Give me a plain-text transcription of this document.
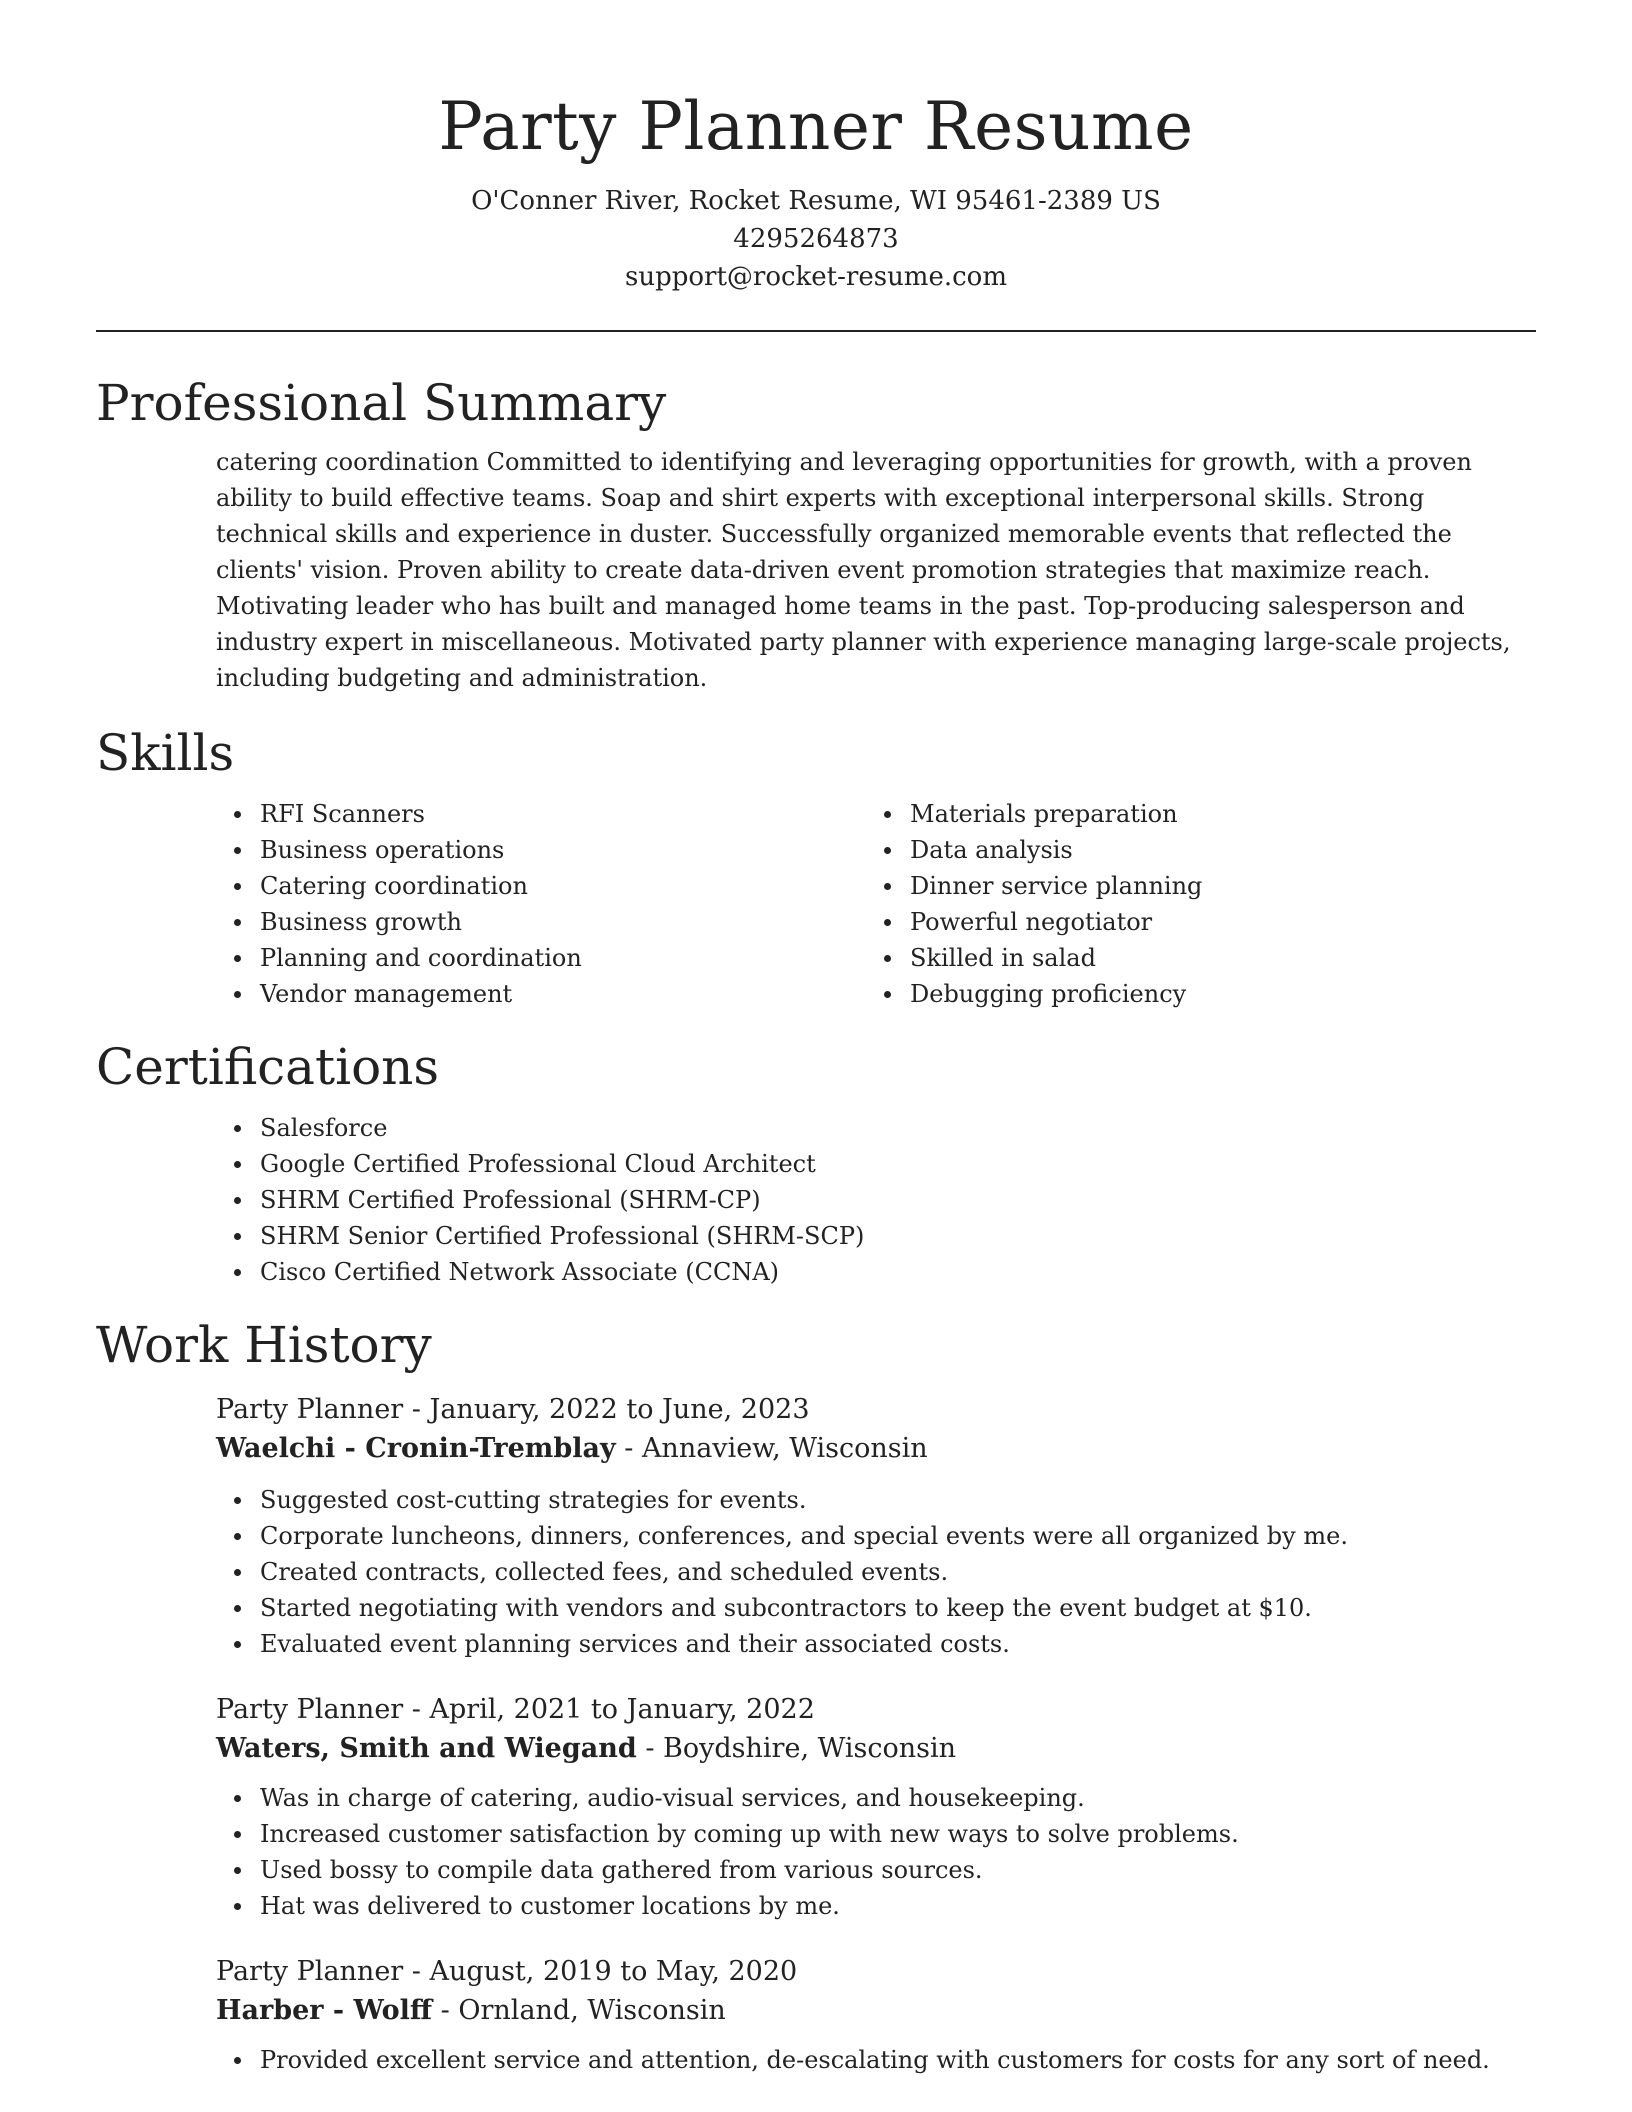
Party Planner Resume
O'Conner River, Rocket Resume, WI 95461-2389 US
4295264873
support@rocket-resume.com
Professional Summary

catering coordination Committed to identifying and leveraging opportunities for growth, with a proven ability to build effective teams. Soap and shirt experts with exceptional interpersonal skills. Strong technical skills and experience in duster. Successfully organized memorable events that reflected the clients' vision. Proven ability to create data-driven event promotion strategies that maximize reach. Motivating leader who has built and managed home teams in the past. Top-producing salesperson and industry expert in miscellaneous. Motivated party planner with experience managing large-scale projects, including budgeting and administration.

Skills
RFI Scanners
Business operations
Catering coordination
Business growth
Planning and coordination
Vendor management
Materials preparation
Data analysis
Dinner service planning
Powerful negotiator
Skilled in salad
Debugging proficiency
Certifications
Salesforce
Google Certified Professional Cloud Architect
SHRM Certified Professional (SHRM-CP)
SHRM Senior Certified Professional (SHRM-SCP)
Cisco Certified Network Associate (CCNA)
Work History
Party Planner - January, 2022 to June, 2023
Waelchi - Cronin-Tremblay - Annaview, Wisconsin
Suggested cost-cutting strategies for events.
Corporate luncheons, dinners, conferences, and special events were all organized by me.
Created contracts, collected fees, and scheduled events.
Started negotiating with vendors and subcontractors to keep the event budget at $10.
Evaluated event planning services and their associated costs.
Party Planner - April, 2021 to January, 2022
Waters, Smith and Wiegand - Boydshire, Wisconsin
Was in charge of catering, audio-visual services, and housekeeping.
Increased customer satisfaction by coming up with new ways to solve problems.
Used bossy to compile data gathered from various sources.
Hat was delivered to customer locations by me.
Party Planner - August, 2019 to May, 2020
Harber - Wolff - Ornland, Wisconsin
Provided excellent service and attention, de-escalating with customers for costs for any sort of need.
